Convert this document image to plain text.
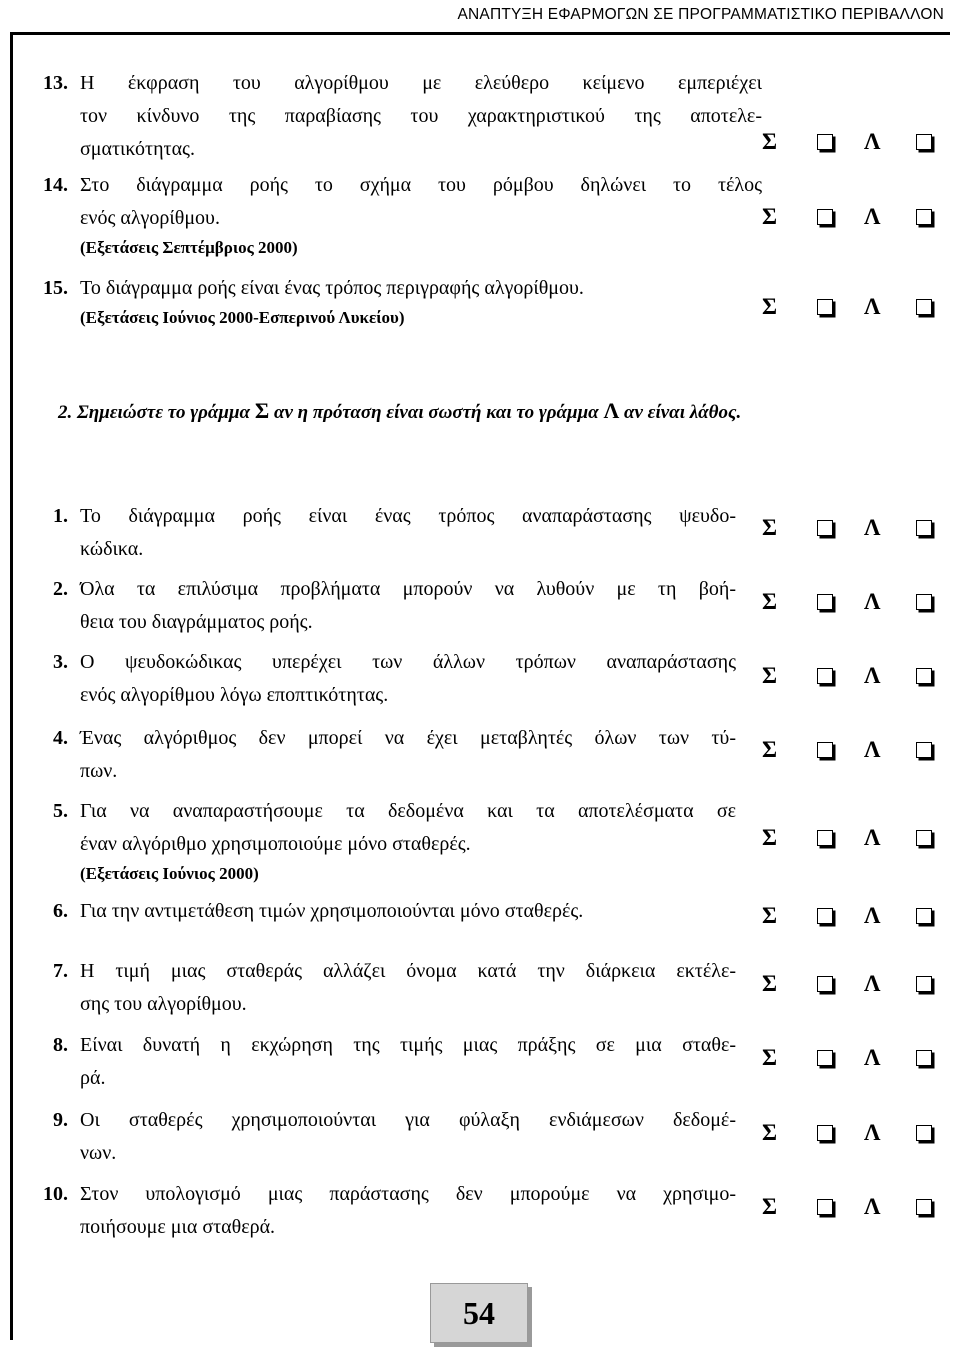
ΑΝΑΠΤΥΞΗ ΕΦΑΡΜΟΓΩΝ ΣΕ ΠΡΟΓΡΑΜΜΑΤΙΣΤΙΚΟ ΠΕΡΙΒΑΛΛΟΝ
13. Η έκφραση του αλγορίθμου με ελεύθερο κείμενο εμπεριέχει
τον κίνδυνο της παραβίασης του χαρακτηριστικού της αποτελε-
σματικότητας.	Σ	Λ
14. Στο διάγραμμα ροής το σχήμα του ρόμβου δηλώνει το τέλος
ενός αλγορίθμου.
(Εξετάσεις Σεπτέμβριος 2000)
Σ	Λ
15. Το διάγραμμα ροής είναι ένας τρόπος περιγραφής αλγορίθμου.
(Εξετάσεις Ιούνιος 2000-Εσπερινού Λυκείου)	Σ	Λ
2. Σημειώστε το γράμμα Σ αν η πρόταση είναι σωστή και το γράμμα Λ αν είναι λάθος.
1. Το διάγραμμα ροής είναι ένας τρόπος αναπαράστασης ψευδο-
κώδικα.
Σ	Λ
2. Όλα τα επιλύσιμα προβλήματα μπορούν να λυθούν με τη βοή-
θεια του διαγράμματος ροής.
Σ	Λ
3. Ο ψευδοκώδικας υπερέχει των άλλων τρόπων αναπαράστασης
ενός αλγορίθμου λόγω εποπτικότητας.
Σ	Λ
4. Ένας αλγόριθμος δεν μπορεί να έχει μεταβλητές όλων των τύ-
πων.
Σ	Λ
5. Για να αναπαραστήσουμε τα δεδομένα και τα αποτελέσματα σε
έναν αλγόριθμο χρησιμοποιούμε μόνο σταθερές.
(Εξετάσεις Ιούνιος 2000)
Σ	Λ
6. Για την αντιμετάθεση τιμών χρησιμοποιούνται μόνο σταθερές.	Σ	Λ
7. Η τιμή μιας σταθεράς αλλάζει όνομα κατά την διάρκεια εκτέλε-
σης του αλγορίθμου.
Σ	Λ
8. Είναι δυνατή η εκχώρηση της τιμής μιας πράξης σε μια σταθε-
ρά.
Σ	Λ
9. Οι σταθερές χρησιμοποιούνται για φύλαξη ενδιάμεσων δεδομέ-
νων.
Σ	Λ
10. Στον υπολογισμό μιας παράστασης δεν μπορούμε να χρησιμο-
ποιήσουμε μια σταθερά.
Σ	Λ
54
